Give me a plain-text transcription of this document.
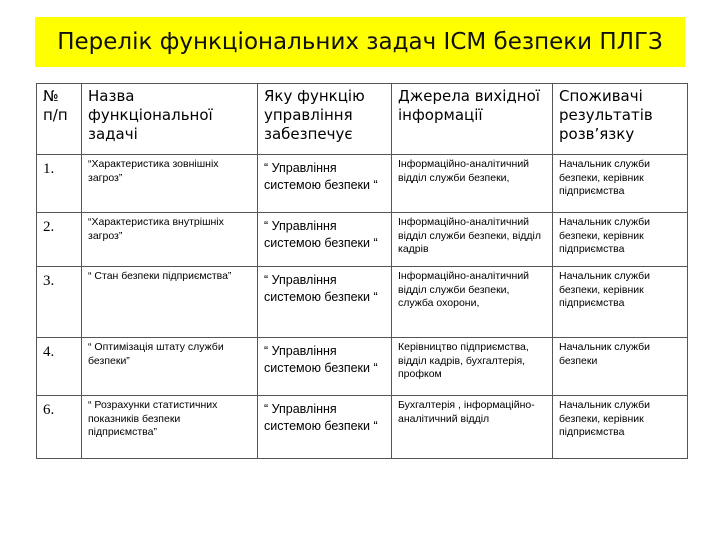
Перелік функціональних задач ІСМ безпеки ПЛГЗ
№ п/п	Назва функціональної задачі	Яку функцію управління забезпечує	Джерела вихідної інформації	Споживачі результатів розв’язку
1.	“Характеристика зовнішніх загроз”	“ Управління системою безпеки “	Інформаційно-аналітичний відділ служби безпеки,	Начальник служби безпеки, керівник підприємства
2.	“Характеристика внутрішніх загроз”	“ Управління системою безпеки “	Інформаційно-аналітичний відділ служби безпеки, відділ кадрів	Начальник служби безпеки, керівник підприємства
3.	“ Стан безпеки підприємства”	“ Управління системою безпеки “	Інформаційно-аналітичний відділ служби безпеки, служба охорони,	Начальник служби безпеки, керівник підприємства
4.	“ Оптимізація штату служби безпеки”	“ Управління системою безпеки “	Керівництво підприємства, відділ кадрів, бухгалтерія, профком	Начальник служби безпеки
6.	“ Розрахунки статистичних показників безпеки підприємства”	“ Управління системою безпеки “	Бухгалтерія , інформаційно-аналітичний відділ	Начальник служби безпеки, керівник підприємства
